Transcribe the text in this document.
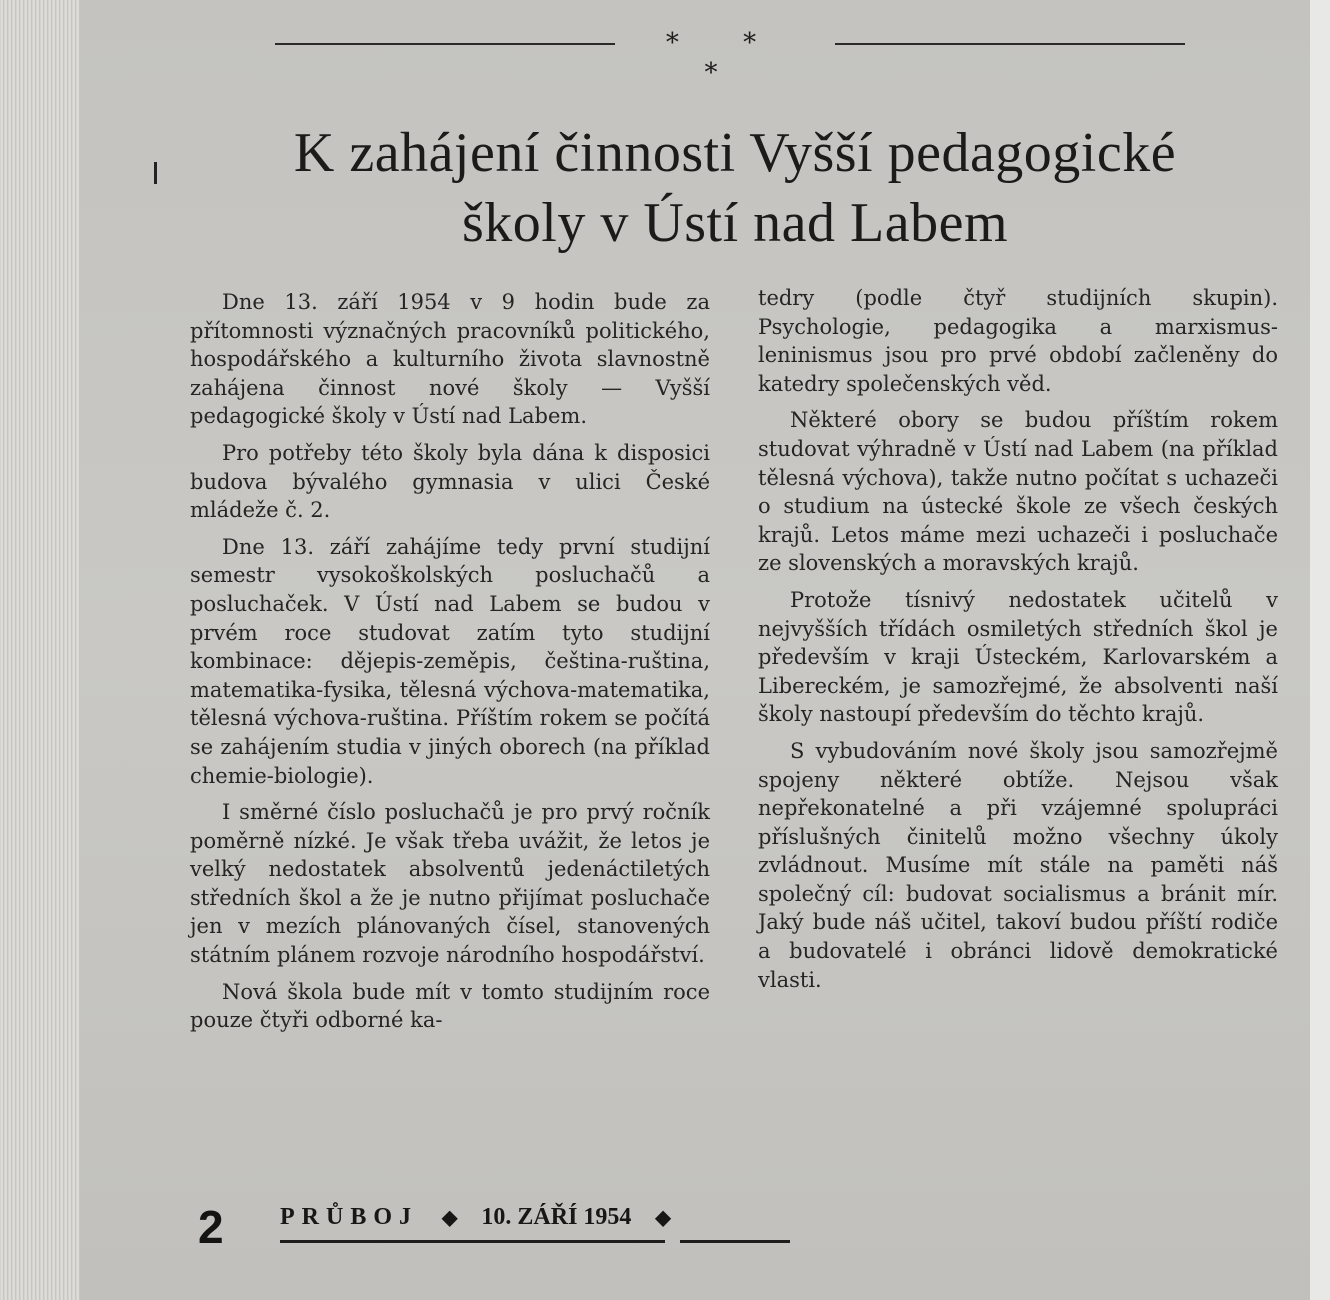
* * *
K zahájení činnosti Vyšší pedagogické
školy v Ústí nad Labem

Dne 13. září 1954 v 9 hodin bude za přítomnosti význačných pracovníků politického, hospodářského a kulturního života slavnostně zahájena činnost nové školy — Vyšší pedagogické školy v Ústí nad Labem.

Pro potřeby této školy byla dána k disposici budova bývalého gymnasia v ulici České mládeže č. 2.

Dne 13. září zahájíme tedy první studijní semestr vysokoškolských posluchačů a posluchaček. V Ústí nad Labem se budou v prvém roce studovat zatím tyto studijní kombinace: dějepis-zeměpis, čeština-ruština, matematika-fysika, tělesná výchova-matematika, tělesná výchova-ruština. Příštím rokem se počítá se zahájením studia v jiných oborech (na příklad chemie-biologie).

I směrné číslo posluchačů je pro prvý ročník poměrně nízké. Je však třeba uvážit, že letos je velký nedostatek absolventů jedenáctiletých středních škol a že je nutno přijímat posluchače jen v mezích plánovaných čísel, stanovených státním plánem rozvoje národního hospodářství.

Nová škola bude mít v tomto studijním roce pouze čtyři odborné ka-

tedry (podle čtyř studijních skupin). Psychologie, pedagogika a marxismus-leninismus jsou pro prvé období začleněny do katedry společenských věd.

Některé obory se budou příštím rokem studovat výhradně v Ústí nad Labem (na příklad tělesná výchova), takže nutno počítat s uchazeči o studium na ústecké škole ze všech českých krajů. Letos máme mezi uchazeči i posluchače ze slovenských a moravských krajů.

Protože tísnivý nedostatek učitelů v nejvyšších třídách osmiletých středních škol je především v kraji Ústeckém, Karlovarském a Libereckém, je samozřejmé, že absolventi naší školy nastoupí především do těchto krajů.

S vybudováním nové školy jsou samozřejmě spojeny některé obtíže. Nejsou však nepřekonatelné a při vzájemné spolupráci příslušných činitelů možno všechny úkoly zvládnout. Musíme mít stále na paměti náš společný cíl: budovat socialismus a bránit mír. Jaký bude náš učitel, takoví budou příští rodiče a budovatelé i obránci lidově demokratické vlasti.

2 PRŮBOJ ◆ 10. ZÁŘÍ 1954 ◆
